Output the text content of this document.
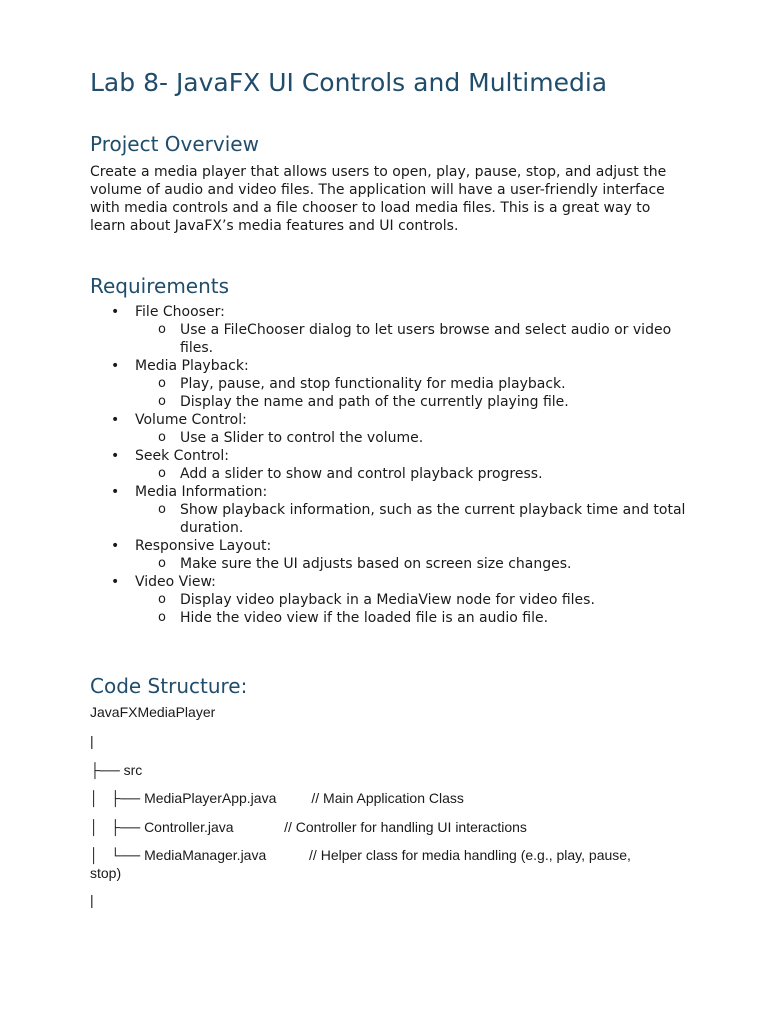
Lab 8- JavaFX UI Controls and Multimedia
Project Overview

Create a media player that allows users to open, play, pause, stop, and adjust the volume of audio and video files. The application will have a user-friendly interface with media controls and a file chooser to load media files. This is a great way to learn about JavaFX’s media features and UI controls.

Requirements
• File Chooser:
o Use a FileChooser dialog to let users browse and select audio or video files.
• Media Playback:
o Play, pause, and stop functionality for media playback.
o Display the name and path of the currently playing file.
• Volume Control:
o Use a Slider to control the volume.
• Seek Control:
o Add a slider to show and control playback progress.
• Media Information:
o Show playback information, such as the current playback time and total duration.
• Responsive Layout:
o Make sure the UI adjusts based on screen size changes.
• Video View:
o Display video playback in a MediaView node for video files.
o Hide the video view if the loaded file is an audio file.
Code Structure:
JavaFXMediaPlayer
|
├── src
│   ├── MediaPlayerApp.java         // Main Application Class
│   ├── Controller.java             // Controller for handling UI interactions
│   └── MediaManager.java           // Helper class for media handling (e.g., play, pause, stop)
|
